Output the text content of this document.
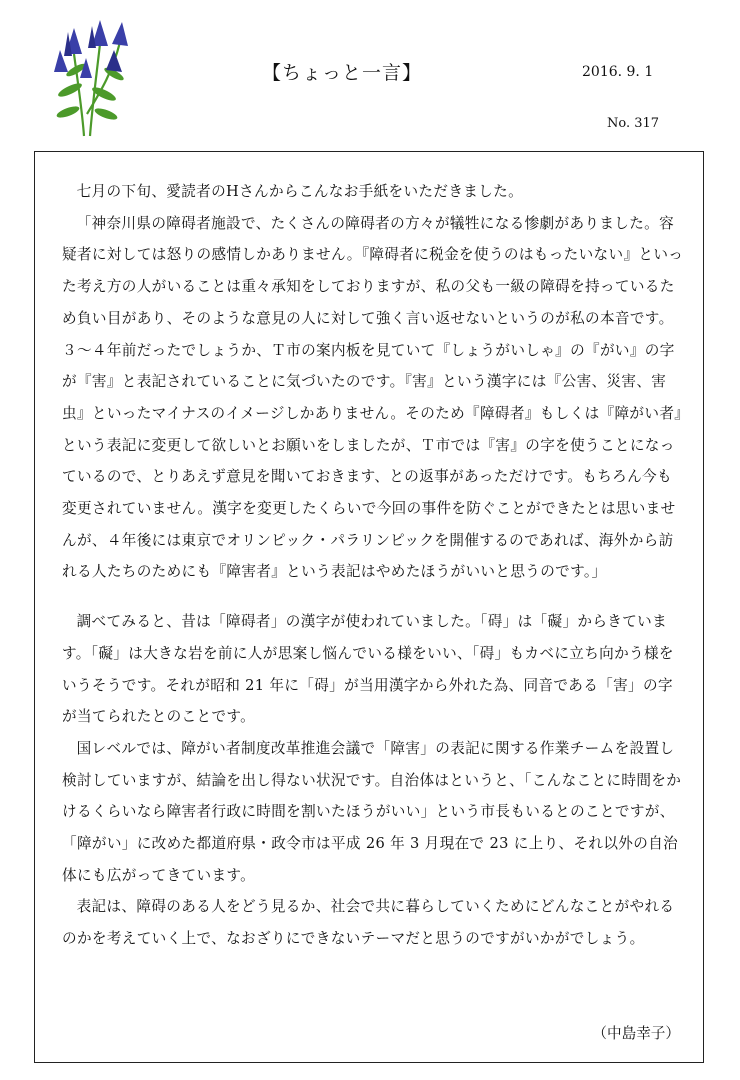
【ちょっと一言】	2016. 9. 1
No. 317

七月の下旬、愛読者のHさんからこんなお手紙をいただきました。

「神奈川県の障碍者施設で、たくさんの障碍者の方々が犠牲になる惨劇がありました。容疑者に対しては怒りの感情しかありません。『障碍者に税金を使うのはもったいない』といった考え方の人がいることは重々承知をしておりますが、私の父も一級の障碍を持っているため負い目があり、そのような意見の人に対して強く言い返せないというのが私の本音です。３～４年前だったでしょうか、Ｔ市の案内板を見ていて『しょうがいしゃ』の『がい』の字が『害』と表記されていることに気づいたのです。『害』という漢字には『公害、災害、害虫』といったマイナスのイメージしかありません。そのため『障碍者』もしくは『障がい者』という表記に変更して欲しいとお願いをしましたが、Ｔ市では『害』の字を使うことになっているので、とりあえず意見を聞いておきます、との返事があっただけです。もちろん今も変更されていません。漢字を変更したくらいで今回の事件を防ぐことができたとは思いませんが、４年後には東京でオリンピック・パラリンピックを開催するのであれば、海外から訪れる人たちのためにも『障害者』という表記はやめたほうがいいと思うのです。」

調べてみると、昔は「障碍者」の漢字が使われていました。「碍」は「礙」からきています。「礙」は大きな岩を前に人が思案し悩んでいる様をいい、「碍」もカベに立ち向かう様をいうそうです。それが昭和 21 年に「碍」が当用漢字から外れた為、同音である「害」の字が当てられたとのことです。

国レベルでは、障がい者制度改革推進会議で「障害」の表記に関する作業チームを設置し検討していますが、結論を出し得ない状況です。自治体はというと、「こんなことに時間をかけるくらいなら障害者行政に時間を割いたほうがいい」という市長もいるとのことですが、「障がい」に改めた都道府県・政令市は平成 26 年 3 月現在で 23 に上り、それ以外の自治体にも広がってきています。

表記は、障碍のある人をどう見るか、社会で共に暮らしていくためにどんなことがやれるのかを考えていく上で、なおざりにできないテーマだと思うのですがいかがでしょう。

（中島幸子）
